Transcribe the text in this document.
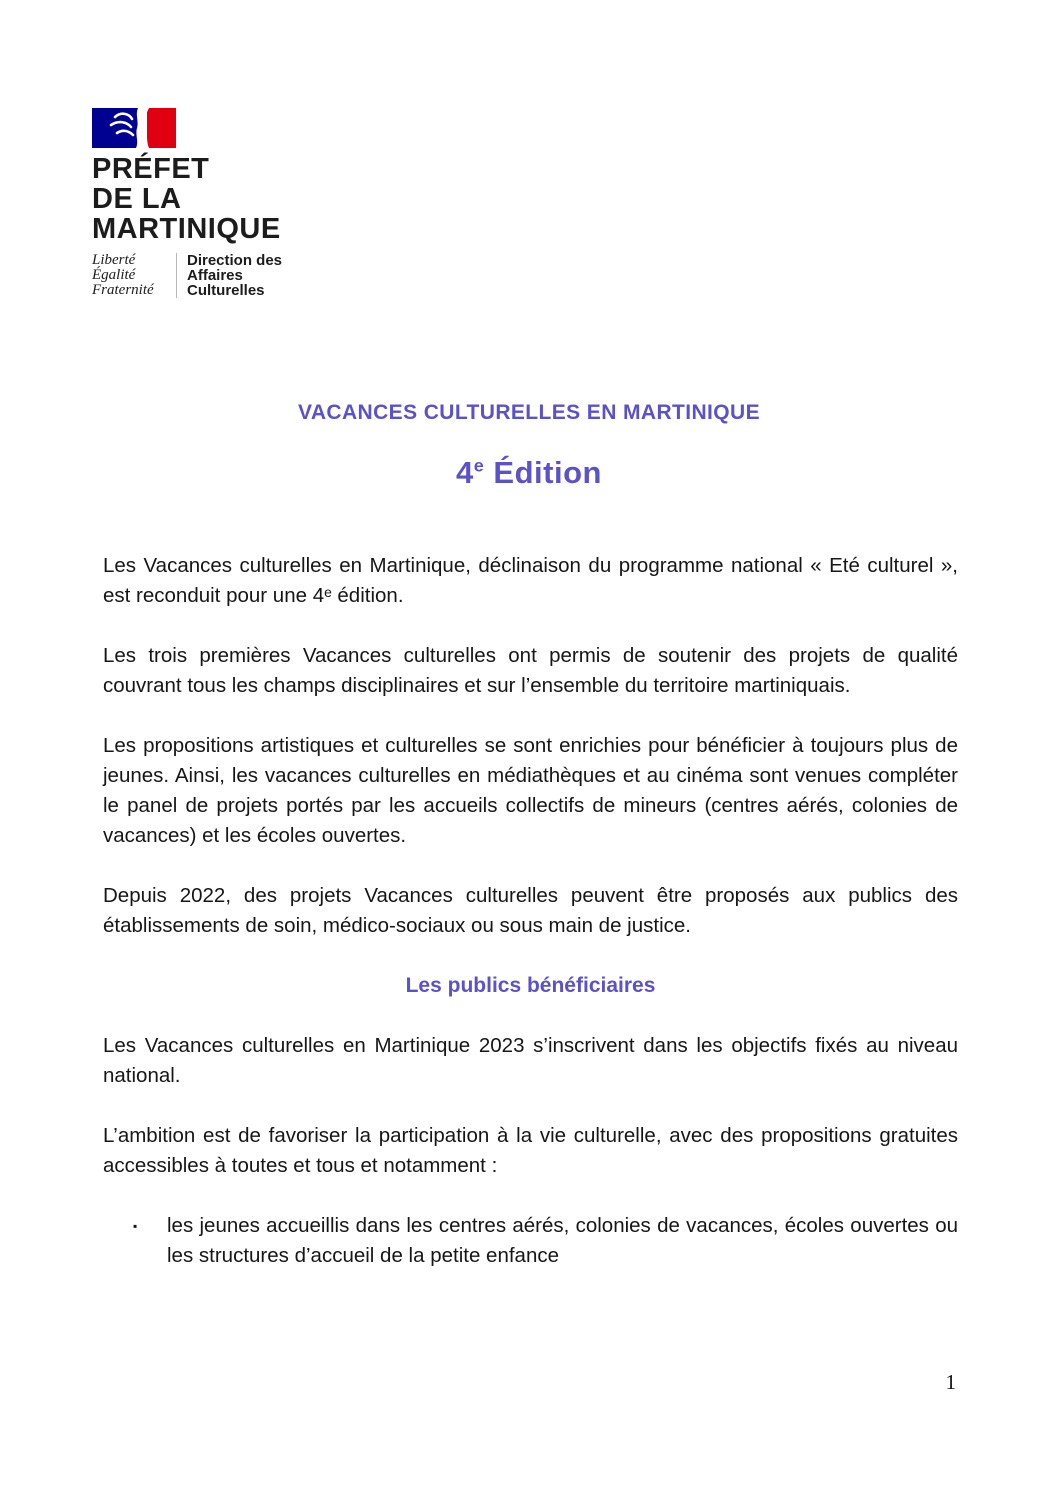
PRÉFET
DE LA
MARTINIQUE
Liberté
Égalité
Fraternité
Direction des
Affaires
Culturelles
VACANCES CULTURELLES EN MARTINIQUE
4e Édition

Les Vacances culturelles en Martinique, déclinaison du programme national « Eté culturel », est reconduit pour une 4ᵉ édition.

Les trois premières Vacances culturelles ont permis de soutenir des projets de qualité couvrant tous les champs disciplinaires et sur l’ensemble du territoire martiniquais.

Les propositions artistiques et culturelles se sont enrichies pour bénéficier à toujours plus de jeunes. Ainsi, les vacances culturelles en médiathèques et au cinéma sont venues compléter le panel de projets portés par les accueils collectifs de mineurs (centres aérés, colonies de vacances) et les écoles ouvertes.

Depuis 2022, des projets Vacances culturelles peuvent être proposés aux publics des établissements de soin, médico-sociaux ou sous main de justice.

Les publics bénéficiaires

Les Vacances culturelles en Martinique 2023 s’inscrivent dans les objectifs fixés au niveau national.

L’ambition est de favoriser la participation à la vie culturelle, avec des propositions gratuites accessibles à toutes et tous et notamment :

▪	les jeunes accueillis dans les centres aérés, colonies de vacances, écoles ouvertes ou les structures d’accueil de la petite enfance
1
